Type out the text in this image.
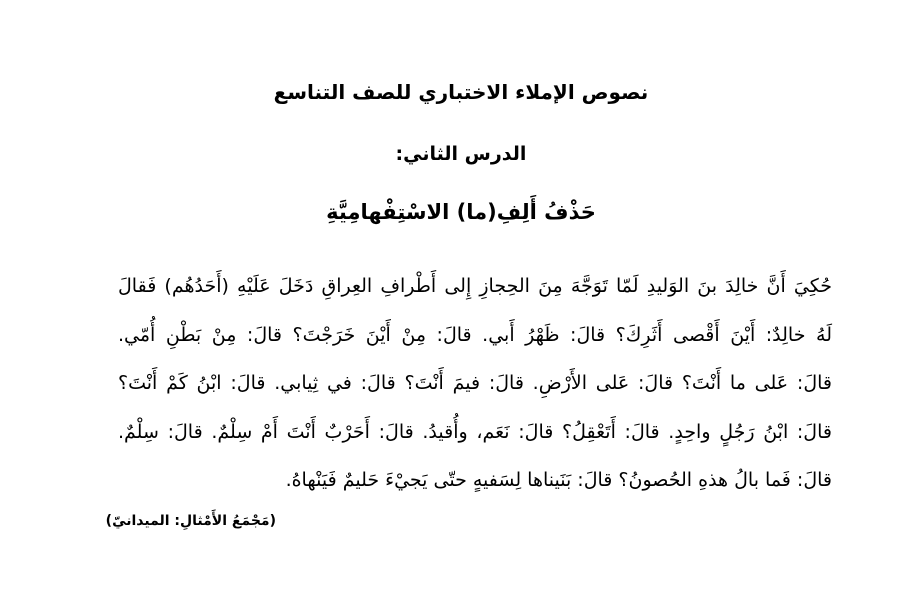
نصوص الإملاء الاختباري للصف التناسع
الدرس الثاني:
حَذْفُ أَلِفِ(ما) الاسْتِفْهامِيَّةِ
حُكِيَ أَنَّ خالِدَ بنَ الوَليدِ لَمّا تَوَجَّهَ مِنَ الحِجازِ إِلى أَطْرافِ العِراقِ دَخَلَ عَلَيْهِ (أَحَدُهُم) فَقالَ
لَهُ خالِدٌ: أَيْنَ أَقْصى أَثَرِكَ؟ قالَ: ظَهْرُ أَبي. قالَ: مِنْ أَيْنَ خَرَجْتَ؟ قالَ: مِنْ بَطْنِ أُمّي.
قالَ: عَلى ما أَنْتَ؟ قالَ: عَلى الأَرْضِ. قالَ: فيمَ أَنْتَ؟ قالَ: في ثِيابي. قالَ: ابْنُ كَمْ أَنْتَ؟
قالَ: ابْنُ رَجُلٍ واحِدٍ. قالَ: أَتَعْقِلُ؟ قالَ: نَعَم، وأُقيدُ. قالَ: أَحَرْبٌ أَنْتَ أَمْ سِلْمٌ. قالَ: سِلْمٌ.
قالَ: فَما بالُ هذهِ الحُصونُ؟ قالَ: بَنَيناها لِسَفيهٍ حتّى يَجيْءَ حَليمٌ فَيَنْهاهُ.
(مَجْمَعُ الأَمْثالِ: الميدانيّ)
